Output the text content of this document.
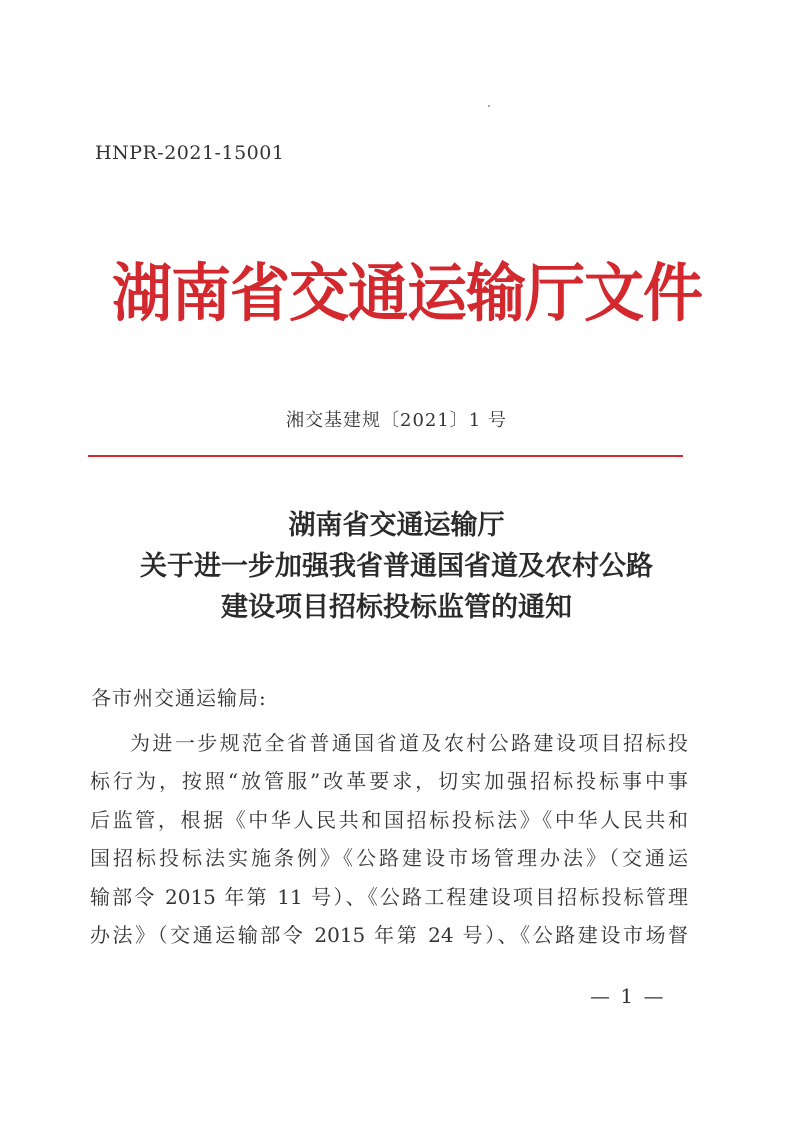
HNPR-2021-15001
湖南省交通运输厅文件
湘交基建规〔2021〕1 号
湖南省交通运输厅
关于进一步加强我省普通国省道及农村公路
建设项目招标投标监管的通知
各市州交通运输局:
为进一步规范全省普通国省道及农村公路建设项目招标投
标行为，按照“放管服”改革要求，切实加强招标投标事中事
后监管，根据《中华人民共和国招标投标法》《中华人民共和
国招标投标法实施条例》《公路建设市场管理办法》（交通运
输部令 2015 年第 11 号）、《公路工程建设项目招标投标管理
办法》（交通运输部令 2015 年第 24 号）、《公路建设市场督
— 1 —
